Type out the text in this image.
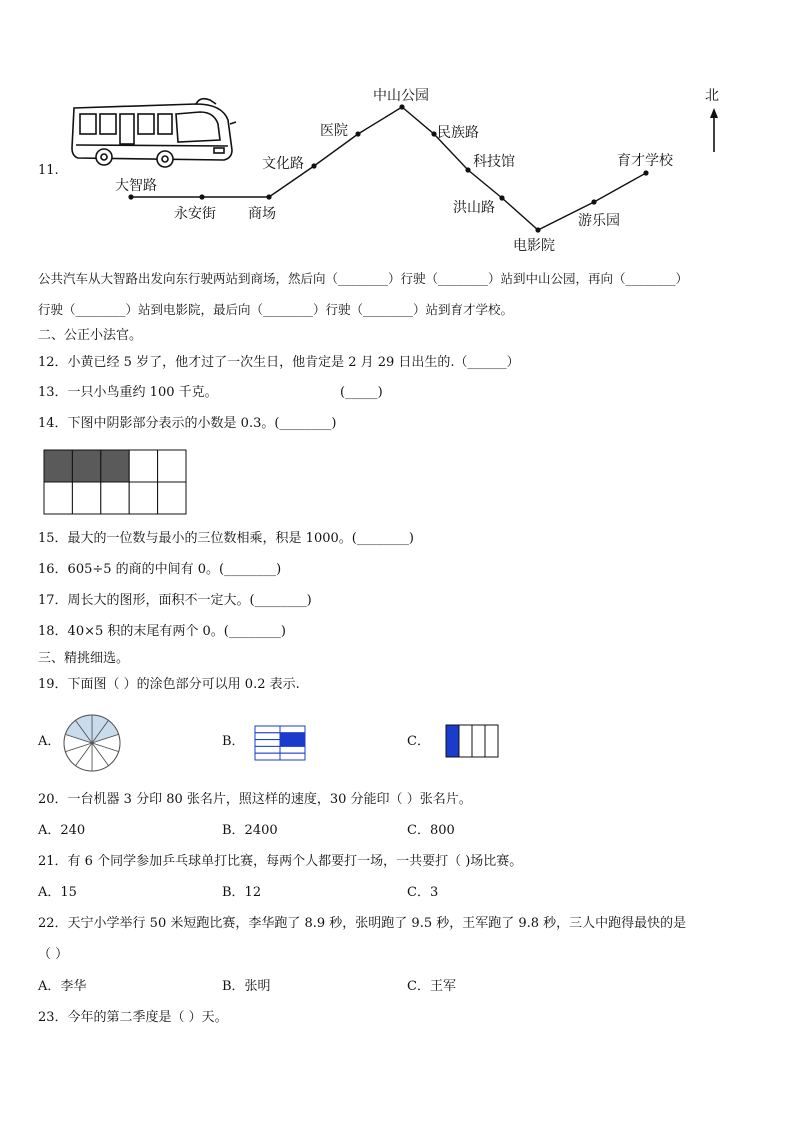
11.
大智路
永安街 商场
文化路
医院
中山公园
民族路
科技馆
洪山路
电影院
游乐园
育才学校
北
公共汽车从大智路出发向东行驶两站到商场，然后向（________）行驶（________）站到中山公园，再向（________）
行驶（________）站到电影院，最后向（________）行驶（________）站到育才学校。
二、公正小法官。
12．小黄已经 5 岁了，他才过了一次生日，他肯定是 2 月 29 日出生的.（______）
13．一只小鸟重约 100 千克。	(_____)
14．下图中阴影部分表示的小数是 0.3。(________)
15．最大的一位数与最小的三位数相乘，积是 1000。(________)
16．605÷5 的商的中间有 0。(________)
17．周长大的图形，面积不一定大。(________)
18．40×5 积的末尾有两个 0。(________)
三、精挑细选。
19．下面图（ ）的涂色部分可以用 0.2 表示.
A．	B．	C．
20．一台机器 3 分印 80 张名片，照这样的速度，30 分能印（ ）张名片。
A．240	B．2400	C．800
21．有 6 个同学参加乒乓球单打比赛，每两个人都要打一场，一共要打（ )场比赛。
A．15	B．12	C．3
22．天宁小学举行 50 米短跑比赛，李华跑了 8.9 秒，张明跑了 9.5 秒，王军跑了 9.8 秒，三人中跑得最快的是
（ ）
A．李华	B．张明	C．王军
23．今年的第二季度是（ ）天。
